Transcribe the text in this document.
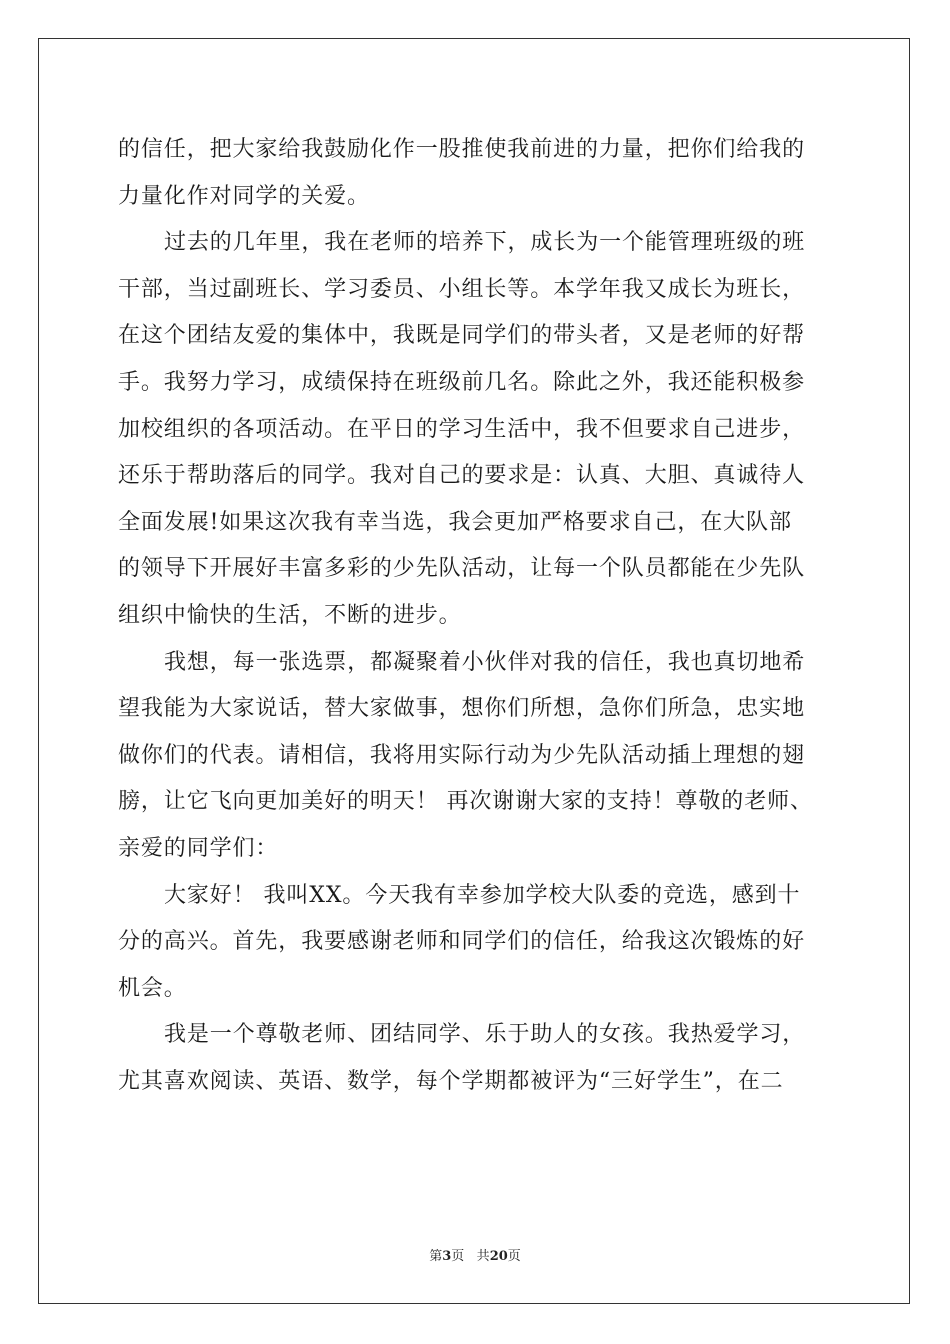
的信任，把大家给我鼓励化作一股推使我前进的力量，把你们给我的
力量化作对同学的关爱。
过去的几年里，我在老师的培养下，成长为一个能管理班级的班
干部，当过副班长、学习委员、小组长等。本学年我又成长为班长，
在这个团结友爱的集体中，我既是同学们的带头者，又是老师的好帮
手。我努力学习，成绩保持在班级前几名。除此之外，我还能积极参
加校组织的各项活动。在平日的学习生活中，我不但要求自己进步，
还乐于帮助落后的同学。我对自己的要求是：认真、大胆、真诚待人
全面发展!如果这次我有幸当选，我会更加严格要求自己，在大队部
的领导下开展好丰富多彩的少先队活动，让每一个队员都能在少先队
组织中愉快的生活，不断的进步。
我想，每一张选票，都凝聚着小伙伴对我的信任，我也真切地希
望我能为大家说话，替大家做事，想你们所想，急你们所急，忠实地
做你们的代表。请相信，我将用实际行动为少先队活动插上理想的翅
膀，让它飞向更加美好的明天！ 再次谢谢大家的支持！尊敬的老师、
亲爱的同学们：
大家好！ 我叫XX。今天我有幸参加学校大队委的竞选，感到十
分的高兴。首先，我要感谢老师和同学们的信任，给我这次锻炼的好
机会。
我是一个尊敬老师、团结同学、乐于助人的女孩。我热爱学习，
尤其喜欢阅读、英语、数学，每个学期都被评为“三好学生”，在二
第3页   共20页
